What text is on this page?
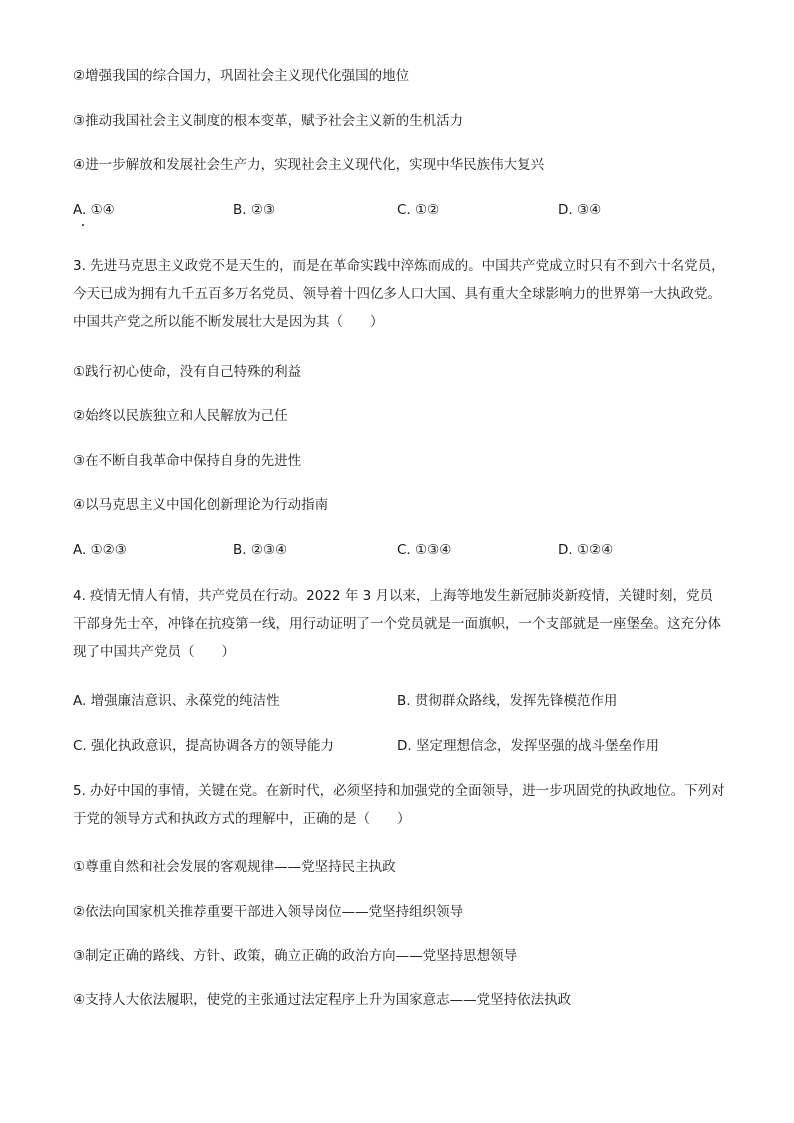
②增强我国的综合国力，巩固社会主义现代化强国的地位
③推动我国社会主义制度的根本变革，赋予社会主义新的生机活力
④进一步解放和发展社会生产力，实现社会主义现代化，实现中华民族伟大复兴
A. ①④	B. ②③	C. ①②	D. ③④
3. 先进马克思主义政党不是天生的，而是在革命实践中淬炼而成的。中国共产党成立时只有不到六十名党员，今天已成为拥有九千五百多万名党员、领导着十四亿多人口大国、具有重大全球影响力的世界第一大执政党。中国共产党之所以能不断发展壮大是因为其（　　）
①践行初心使命，没有自己特殊的利益
②始终以民族独立和人民解放为己任
③在不断自我革命中保持自身的先进性
④以马克思主义中国化创新理论为行动指南
A. ①②③	B. ②③④	C. ①③④	D. ①②④
4. 疫情无情人有情，共产党员在行动。2022 年 3 月以来，上海等地发生新冠肺炎新疫情，关键时刻，党员干部身先士卒，冲锋在抗疫第一线，用行动证明了一个党员就是一面旗帜，一个支部就是一座堡垒。这充分体现了中国共产党员（　　）
A. 增强廉洁意识、永葆党的纯洁性	B. 贯彻群众路线，发挥先锋模范作用
C. 强化执政意识，提高协调各方的领导能力	D. 坚定理想信念，发挥坚强的战斗堡垒作用
5. 办好中国的事情，关键在党。在新时代，必须坚持和加强党的全面领导，进一步巩固党的执政地位。下列对于党的领导方式和执政方式的理解中，正确的是（　　）
①尊重自然和社会发展的客观规律——党坚持民主执政
②依法向国家机关推荐重要干部进入领导岗位——党坚持组织领导
③制定正确的路线、方针、政策，确立正确的政治方向——党坚持思想领导
④支持人大依法履职，使党的主张通过法定程序上升为国家意志——党坚持依法执政
